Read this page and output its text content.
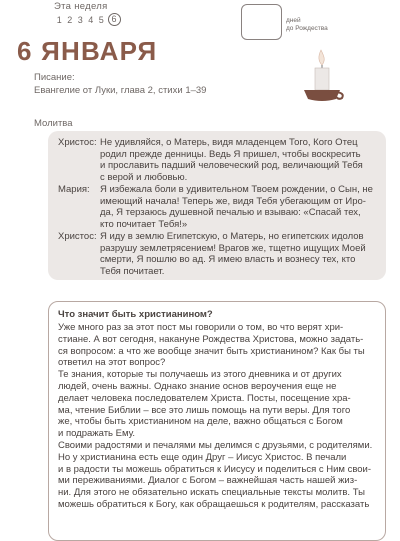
Эта неделя
1 2 3 4 5 6
6 ЯНВАРЯ
дней
до Рождества
Писание:
Евангелие от Луки, глава 2, стихи 1–39
Молитва
Христос: Не удивляйся, о Матерь, видя младенцем Того, Кого Отец
родил прежде денницы. Ведь Я пришел, чтобы воскресить
и прославить падший человеческий род, величающий Тебя
с верой и любовью.
Мария: Я избежала боли в удивительном Твоем рождении, о Сын, не
имеющий начала! Теперь же, видя Тебя убегающим от Иро-
да, Я терзаюсь душевной печалью и взываю: «Спасай тех,
кто почитает Тебя!»
Христос: Я иду в землю Египетскую, о Матерь, но египетских идолов
разрушу землетрясением! Врагов же, тщетно ищущих Моей
смерти, Я пошлю во ад. Я имею власть и вознесу тех, кто
Тебя почитает.
Что значит быть христианином?
Уже много раз за этот пост мы говорили о том, во что верят хри-
стиане. А вот сегодня, накануне Рождества Христова, можно задать-
ся вопросом: а что же вообще значит быть христианином? Как бы ты
ответил на этот вопрос?
Те знания, которые ты получаешь из этого дневника и от других
людей, очень важны. Однако знание основ вероучения еще не
делает человека последователем Христа. Посты, посещение хра-
ма, чтение Библии – все это лишь помощь на пути веры. Для того
же, чтобы быть христианином на деле, важно общаться с Богом
и подражать Ему.
Своими радостями и печалями мы делимся с друзьями, с родителями.
Но у христианина есть еще один Друг – Иисус Христос. В печали
и в радости ты можешь обратиться к Иисусу и поделиться с Ним свои-
ми переживаниями. Диалог с Богом – важнейшая часть нашей жиз-
ни. Для этого не обязательно искать специальные тексты молитв. Ты
можешь обратиться к Богу, как обращаешься к родителям, рассказать
